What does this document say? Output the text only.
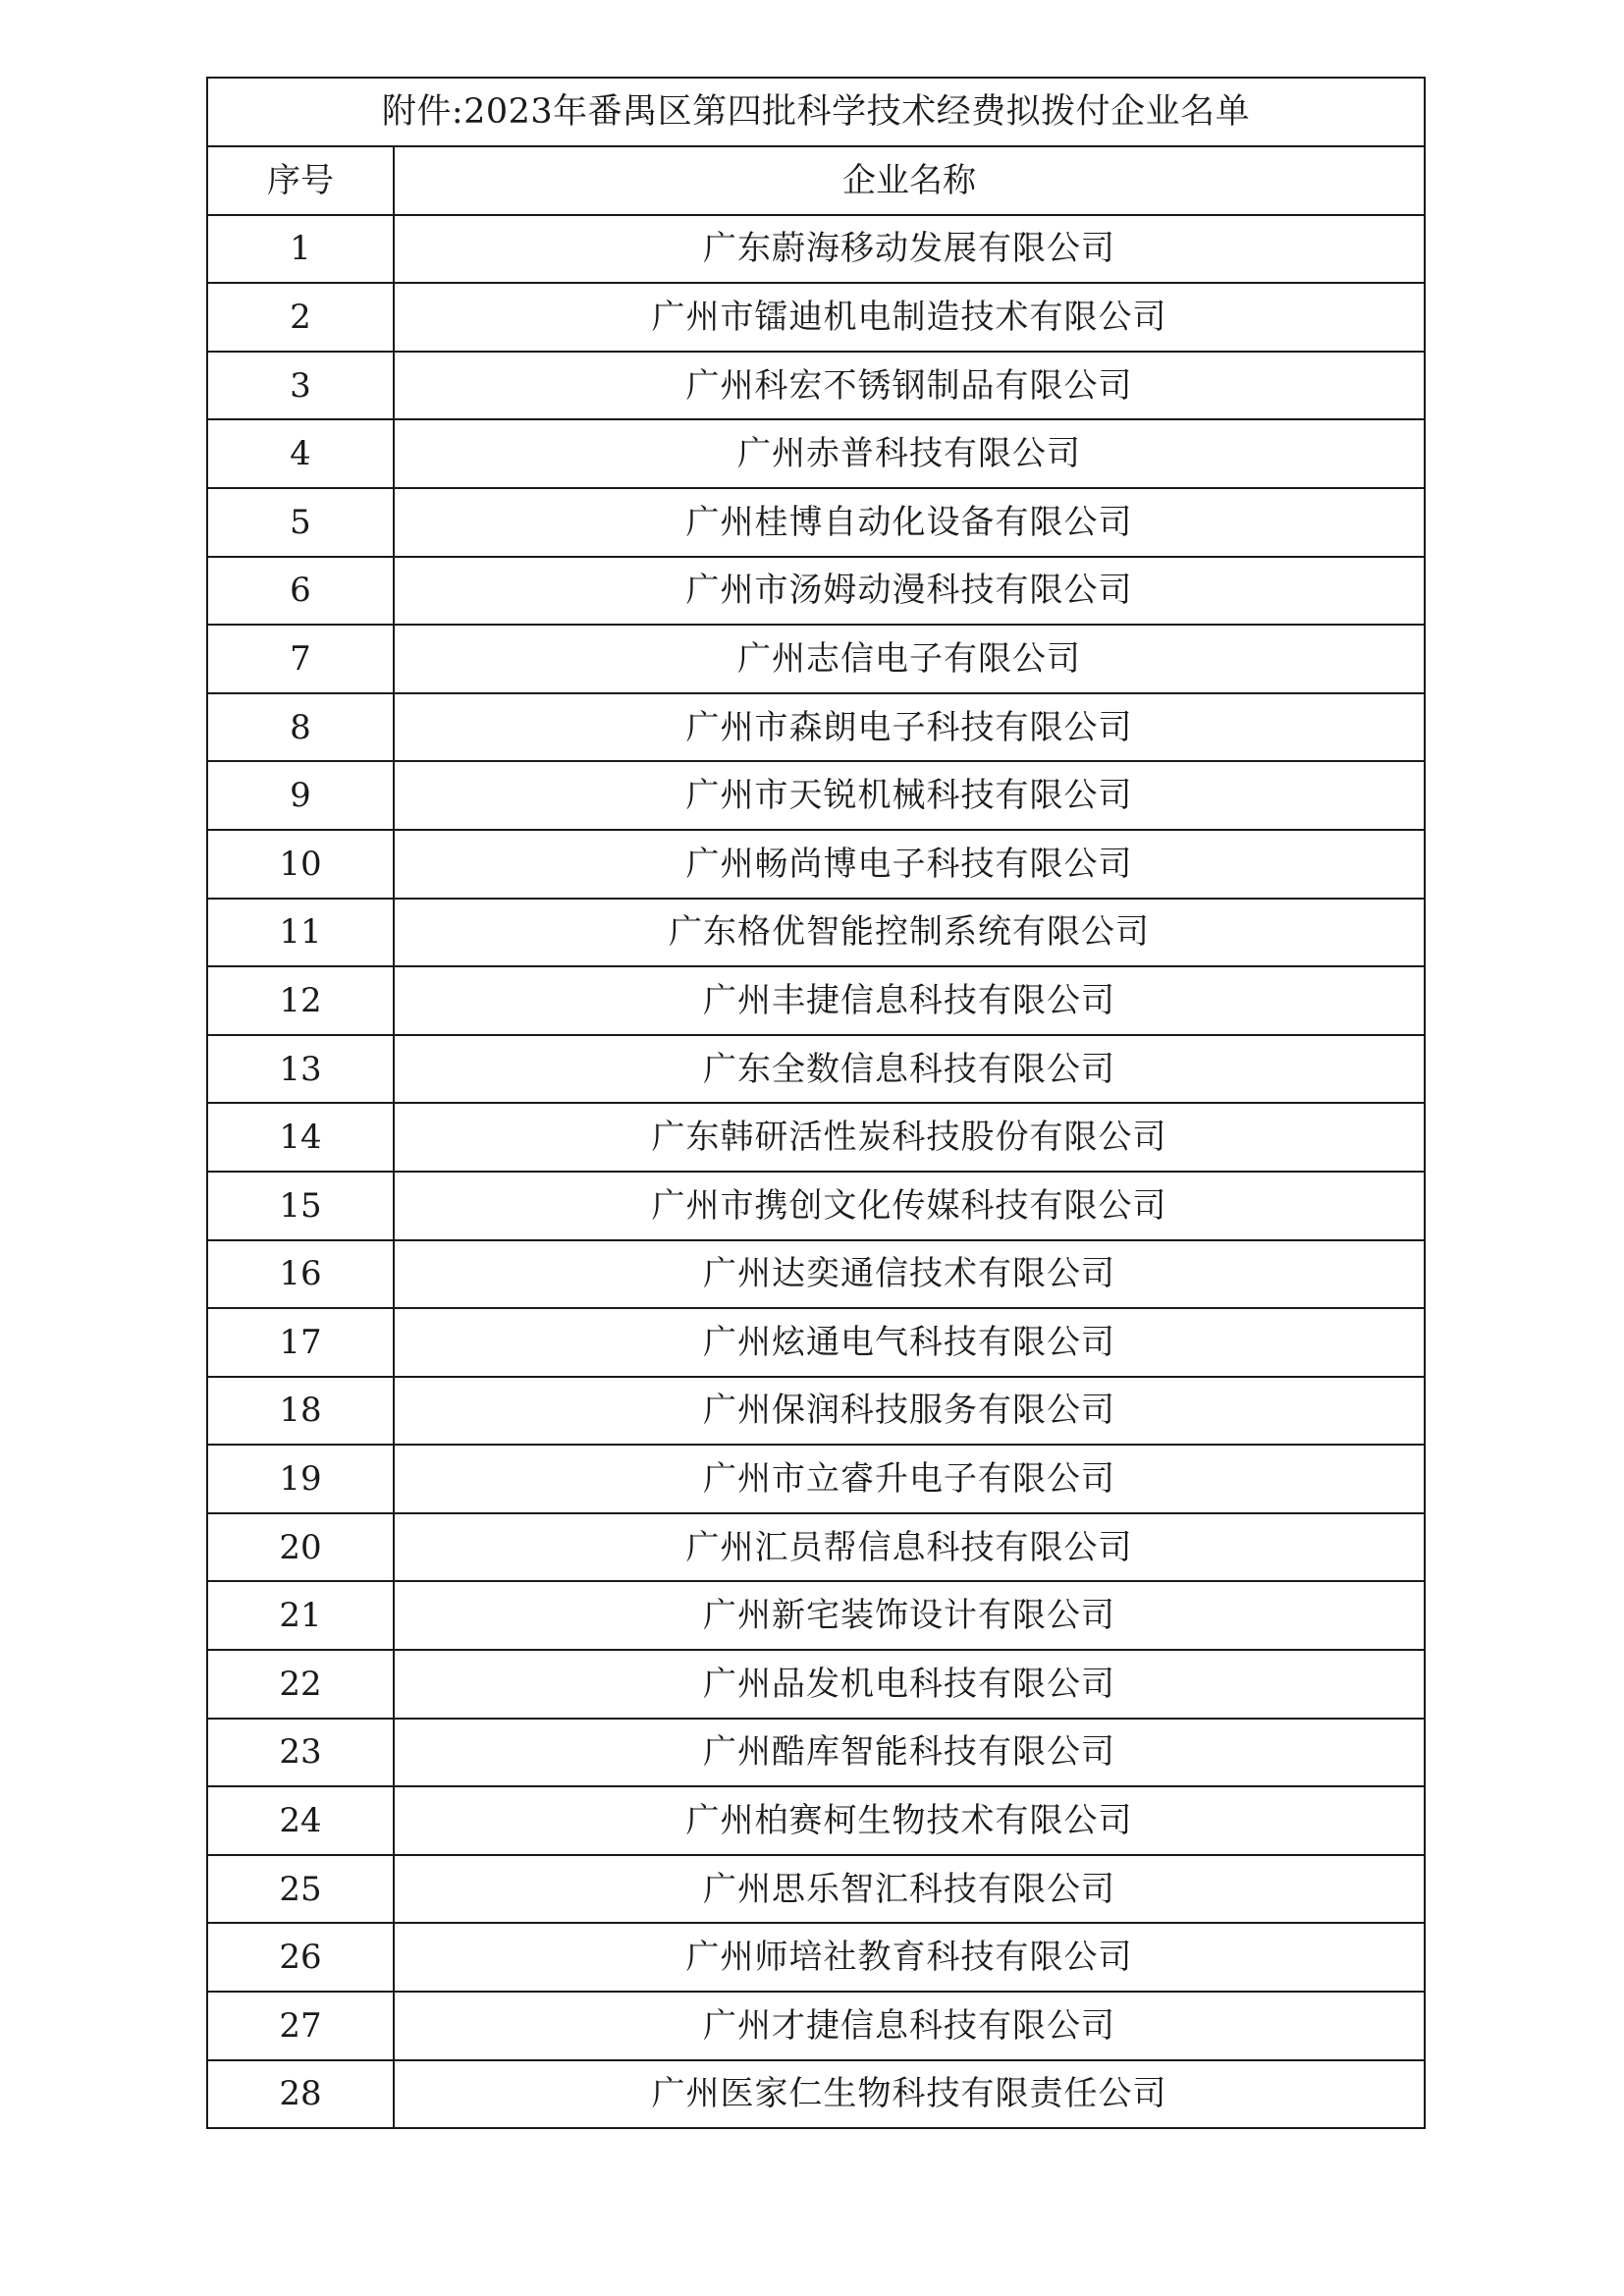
附件:2023年番禺区第四批科学技术经费拟拨付企业名单	
序号	企业名称
1	广东蔚海移动发展有限公司
2	广州市镭迪机电制造技术有限公司
3	广州科宏不锈钢制品有限公司
4	广州赤普科技有限公司
5	广州桂博自动化设备有限公司
6	广州市汤姆动漫科技有限公司
7	广州志信电子有限公司
8	广州市森朗电子科技有限公司
9	广州市天锐机械科技有限公司
10	广州畅尚博电子科技有限公司
11	广东格优智能控制系统有限公司
12	广州丰捷信息科技有限公司
13	广东全数信息科技有限公司
14	广东韩研活性炭科技股份有限公司
15	广州市携创文化传媒科技有限公司
16	广州达奕通信技术有限公司
17	广州炫通电气科技有限公司
18	广州保润科技服务有限公司
19	广州市立睿升电子有限公司
20	广州汇员帮信息科技有限公司
21	广州新宅装饰设计有限公司
22	广州品发机电科技有限公司
23	广州酷库智能科技有限公司
24	广州柏赛柯生物技术有限公司
25	广州思乐智汇科技有限公司
26	广州师培社教育科技有限公司
27	广州才捷信息科技有限公司
28	广州医家仁生物科技有限责任公司
